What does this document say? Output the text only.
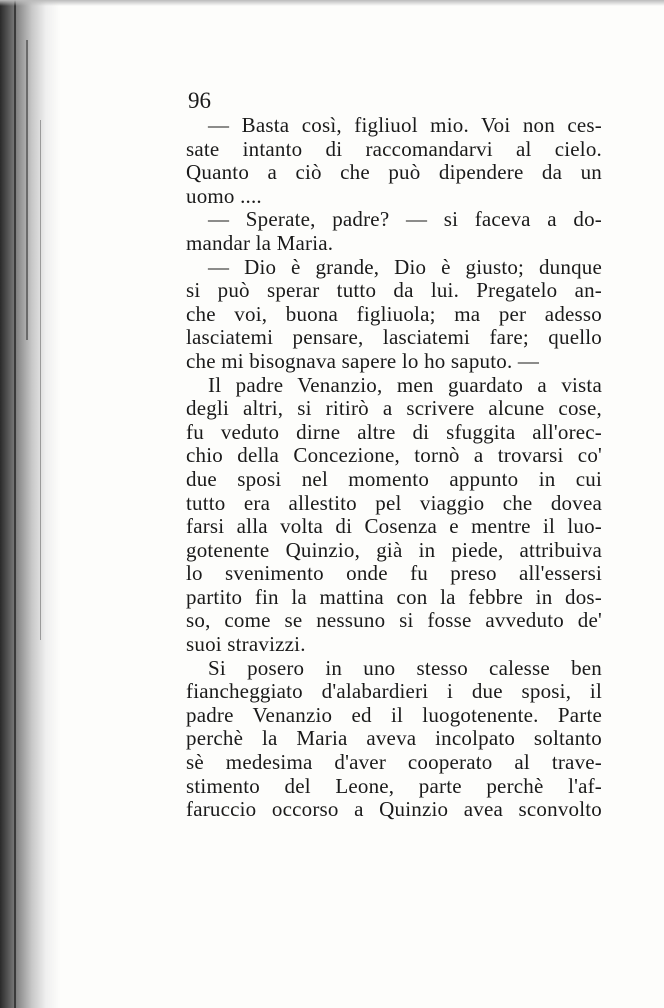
96
— Basta così, figliuol mio. Voi non ces-
sate intanto di raccomandarvi al cielo.
Quanto a ciò che può dipendere da un
uomo ....
— Sperate, padre? — si faceva a do-
mandar la Maria.
— Dio è grande, Dio è giusto; dunque
si può sperar tutto da lui. Pregatelo an-
che voi, buona figliuola; ma per adesso
lasciatemi pensare, lasciatemi fare; quello
che mi bisognava sapere lo ho saputo. —
Il padre Venanzio, men guardato a vista
degli altri, si ritirò a scrivere alcune cose,
fu veduto dirne altre di sfuggita all'orec-
chio della Concezione, tornò a trovarsi co'
due sposi nel momento appunto in cui
tutto era allestito pel viaggio che dovea
farsi alla volta di Cosenza e mentre il luo-
gotenente Quinzio, già in piede, attribuiva
lo svenimento onde fu preso all'essersi
partito fin la mattina con la febbre in dos-
so, come se nessuno si fosse avveduto de'
suoi stravizzi.
Si posero in uno stesso calesse ben
fiancheggiato d'alabardieri i due sposi, il
padre Venanzio ed il luogotenente. Parte
perchè la Maria aveva incolpato soltanto
sè medesima d'aver cooperato al trave-
stimento del Leone, parte perchè l'af-
faruccio occorso a Quinzio avea sconvolto
